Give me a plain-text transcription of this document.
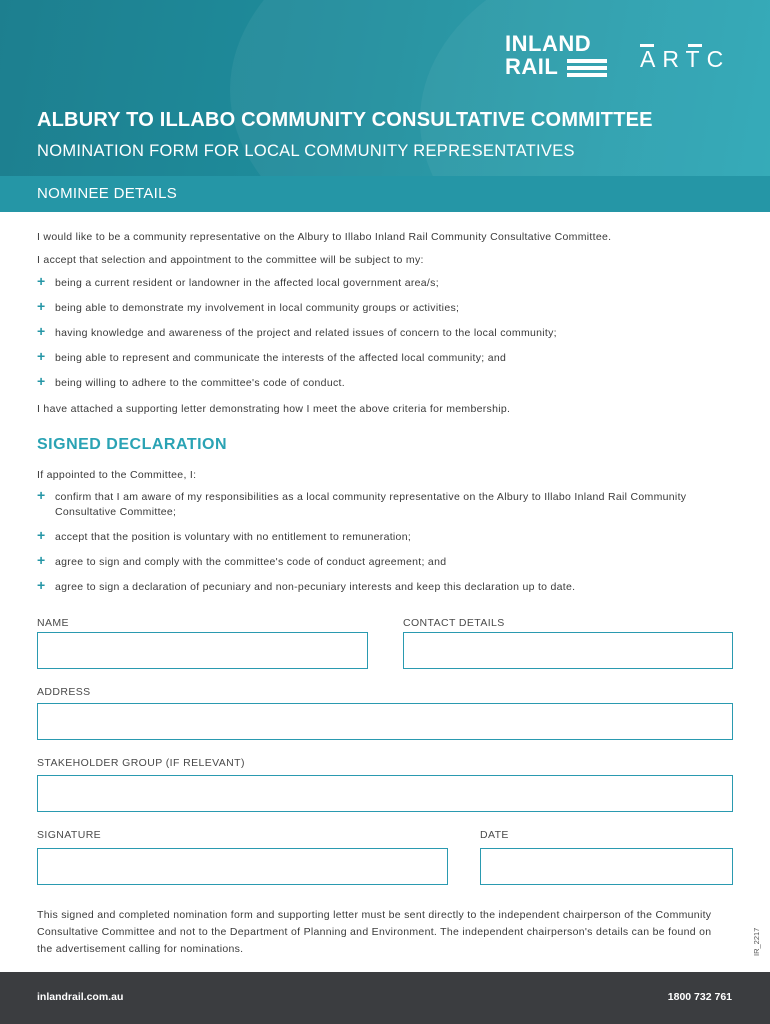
INLAND
RAIL	ARTC
ALBURY TO ILLABO COMMUNITY CONSULTATIVE COMMITTEE
NOMINATION FORM FOR LOCAL COMMUNITY REPRESENTATIVES
NOMINEE DETAILS
I would like to be a community representative on the Albury to Illabo Inland Rail Community Consultative Committee.
I accept that selection and appointment to the committee will be subject to my:
+ being a current resident or landowner in the affected local government area/s;
+ being able to demonstrate my involvement in local community groups or activities;
+ having knowledge and awareness of the project and related issues of concern to the local community;
+ being able to represent and communicate the interests of the affected local community; and
+ being willing to adhere to the committee's code of conduct.
I have attached a supporting letter demonstrating how I meet the above criteria for membership.
SIGNED DECLARATION
If appointed to the Committee, I:
+ confirm that I am aware of my responsibilities as a local community representative on the Albury to Illabo Inland Rail Community Consultative Committee;
+ accept that the position is voluntary with no entitlement to remuneration;
+ agree to sign and comply with the committee's code of conduct agreement; and
+ agree to sign a declaration of pecuniary and non-pecuniary interests and keep this declaration up to date.
NAME	CONTACT DETAILS
ADDRESS
STAKEHOLDER GROUP (IF RELEVANT)
SIGNATURE	DATE
This signed and completed nomination form and supporting letter must be sent directly to the independent chairperson of the Community Consultative Committee and not to the Department of Planning and Environment. The independent chairperson's details can be found on the advertisement calling for nominations.	IR_2217
inlandrail.com.au	1800 732 761
